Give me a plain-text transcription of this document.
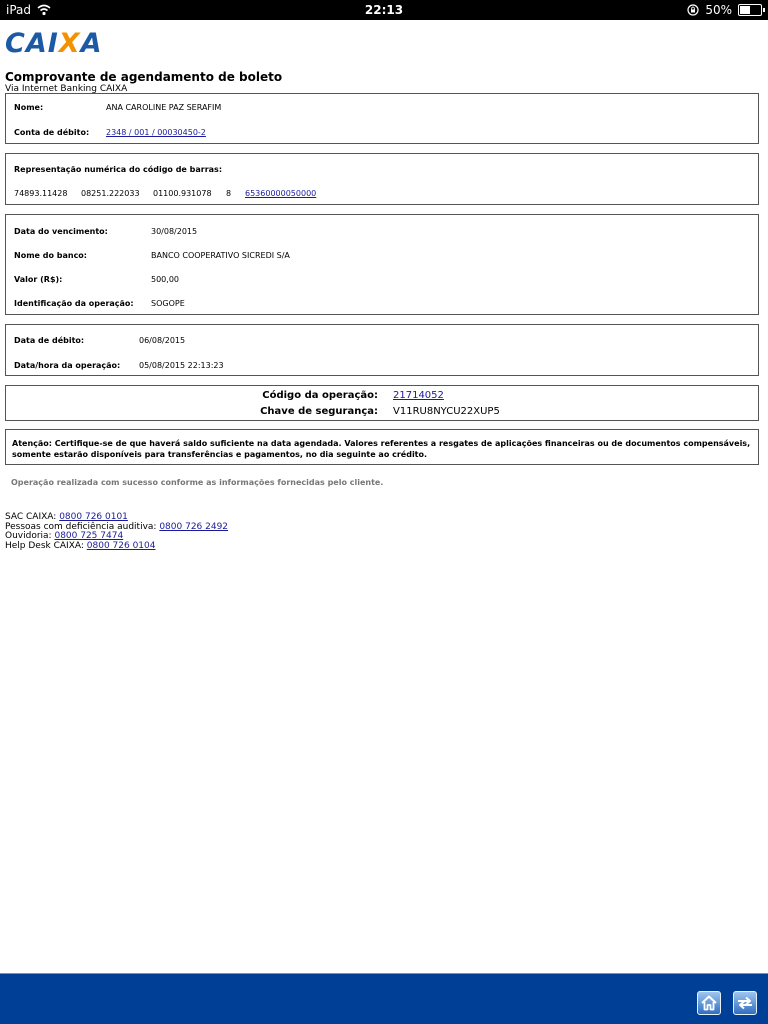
iPad	22:13	50%
CAIXA
Comprovante de agendamento de boleto
Via Internet Banking CAIXA
Nome:	ANA CAROLINE PAZ SERAFIM
Conta de débito: 2348 / 001 / 00030450-2
Representação numérica do código de barras:
74893.11428 08251.222033 01100.931078 8 65360000050000
Data do vencimento:	30/08/2015
Nome do banco:	BANCO COOPERATIVO SICREDI S/A
Valor (R$):	500,00
Identificação da operação: SOGOPE
Data de débito:	06/08/2015
Data/hora da operação: 05/08/2015 22:13:23
Código da operação: 21714052
Chave de segurança: V11RU8NYCU22XUP5
Atenção: Certifique-se de que haverá saldo suficiente na data agendada. Valores referentes a resgates de aplicações financeiras ou de documentos compensáveis, somente estarão disponíveis para transferências e pagamentos, no dia seguinte ao crédito.
Operação realizada com sucesso conforme as informações fornecidas pelo cliente.
SAC CAIXA: 0800 726 0101
Pessoas com deficiência auditiva: 0800 726 2492
Ouvidoria: 0800 725 7474
Help Desk CAIXA: 0800 726 0104
